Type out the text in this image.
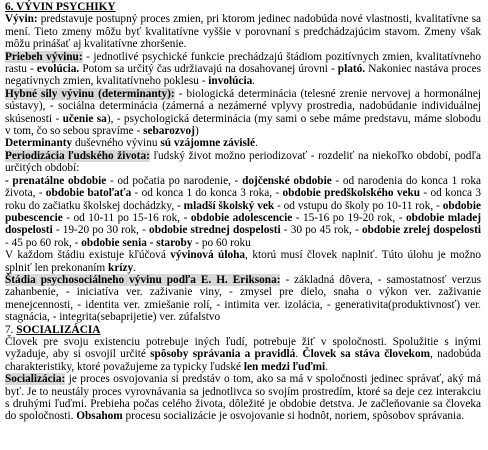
6. VÝVIN PSYCHIKY

Vývin: predstavuje postupný proces zmien, pri ktorom jedinec nadobúda nové vlastnosti, kvalitatívne sa mení. Tieto zmeny môžu byť kvalitatívne vyššie v porovnaní s predchádzajúcim stavom. Zmeny však môžu prinášať aj kvalitatívne zhoršenie.

Priebeh vývinu: - jednotlivé psychické funkcie prechádzajú štádiom pozitívnych zmien, kvalitatívneho rastu - evolúcia. Potom sa určitý čas udržiavajú na dosahovanej úrovni - plató. Nakoniec nastáva proces negatívnych zmien, kvalitatívneho poklesu - involúcia.

Hybné sily vývinu (determinanty): - biologická determinácia (telesné zrenie nervovej a hormonálnej sústavy), - sociálna determinácia (zámerná a nezámerné vplyvy prostredia, nadobúdanie individuálnej skúsenosti - učenie sa), - psychologická determinácia (my sami o sebe máme predstavu, máme slobodu v tom, čo so sebou spravíme - sebarozvoj)

Determinanty duševného vývinu sú vzájomne závislé.

Periodizácia ľudského života: ľudský život možno periodizovať - rozdeliť na niekoľko období, podľa určitých období:

- prenatálne obdobie - od počatia po narodenie, - dojčenské obdobie - od narodenia do konca 1 roka života, - obdobie batoľaťa - od konca 1 do konca 3 roka, - obdobie predškolského veku - od konca 3 roku do začiatku školskej dochádzky, - mladší školský vek - od vstupu do školy po 10-11 rok, - obdobie pubescencie - od 10-11 po 15-16 rok, - obdobie adolescencie - 15-16 po 19-20 rok, - obdobie mladej dospelosti - 19-20 po 30 rok, - obdobie strednej dospelosti - 30 po 45 rok, - obdobie zrelej dospelosti - 45 po 60 rok, - obdobie senia - staroby - po 60 roku

V každom štádiu existuje kľúčová vývinová úloha, ktorú musí človek naplniť. Túto úlohu je možno splniť len prekonaním krízy.

Štádia psychosociálneho vývinu podľa E. H. Eriksona: - základná dôvera, - samostatnosť verzus zahanbenie, - iniciatíva ver. zaživanie viny, - zmysel pre dielo, snaha o výkon ver. zaživanie menejcennosti, - identita ver. zmiešanie rolí, - intimita ver. izolácia, - generativita(produktivnosť) ver. stagnácia, - integrita(sebaprijetie) ver. zúfalstvo

7. SOCIALIZÁCIA

Človek pre svoju existenciu potrebuje iných ľudí, potrebuje žiť v spoločnosti. Spolužitie s inými vyžaduje, aby si osvojil určité spôsoby správania a pravidlá. Človek sa stáva človekom, nadobúda charakteristiky, ktoré považujeme za typicky ľudské len medzi ľuďmi.

Socializácia: je proces osvojovania si predstáv o tom, ako sa má v spoločnosti jedinec správať, aký má byť. Je to neustály proces vyrovnávania sa jednotlivca so svojím prostredím, ktoré sa deje cez interakciu s druhými ľuďmi. Prebieha počas celého života, dôležité je obdobie detstva. Je začleňovanie sa človeka do spoločnosti. Obsahom procesu socializácie je osvojovanie si hodnôt, noriem, spôsobov správania.
